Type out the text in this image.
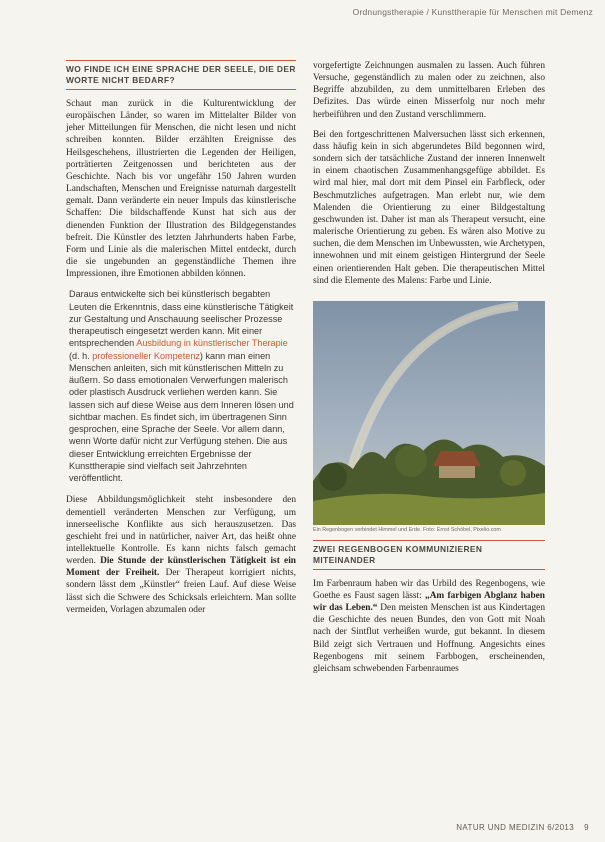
Ordnungstherapie / Kunsttherapie für Menschen mit Demenz
WO FINDE ICH EINE SPRACHE DER SEELE, DIE DER WORTE NICHT BEDARF?

Schaut man zurück in die Kulturentwicklung der europäischen Länder, so waren im Mittelalter Bilder von jeher Mitteilungen für Menschen, die nicht lesen und nicht schreiben konnten. Bilder erzählten Ereignisse des Heilsgeschehens, illustrierten die Legenden der Heiligen, porträtierten Zeitgenossen und berichteten aus der Geschichte. Nach bis vor ungefähr 150 Jahren wurden Landschaften, Menschen und Ereignisse naturnah dargestellt gemalt. Dann veränderte ein neuer Impuls das künstlerische Schaffen: Die bildschaffende Kunst hat sich aus der dienenden Funktion der Illustration des Bildgegenstandes befreit. Die Künstler des letzten Jahrhunderts haben Farbe, Form und Linie als die malerischen Mittel entdeckt, durch die sie ungebunden an gegenständliche Themen ihre Impressionen, ihre Emotionen abbilden können.

Daraus entwickelte sich bei künstlerisch begabten Leuten die Erkenntnis, dass eine künstlerische Tätigkeit zur Gestaltung und Anschauung seelischer Prozesse therapeutisch eingesetzt werden kann. Mit einer entsprechenden Ausbildung in künstlerischer Therapie (d. h. professioneller Kompetenz) kann man einen Menschen anleiten, sich mit künstlerischen Mitteln zu äußern. So dass emotionalen Verwerfungen malerisch oder plastisch Ausdruck verliehen werden kann. Sie lassen sich auf diese Weise aus dem Inneren lösen und sichtbar machen. Es findet sich, im übertragenen Sinn gesprochen, eine Sprache der Seele. Vor allem dann, wenn Worte dafür nicht zur Verfügung stehen. Die aus dieser Entwicklung erreichten Ergebnisse der Kunsttherapie sind vielfach seit Jahrzehnten veröffentlicht.

Diese Abbildungsmöglichkeit steht insbesondere den dementiell veränderten Menschen zur Verfügung, um innerseelische Konflikte aus sich herauszusetzen. Das geschieht frei und in natürlicher, naiver Art, das heißt ohne intellektuelle Kontrolle. Es kann nichts falsch gemacht werden. Die Stunde der künstlerischen Tätigkeit ist ein Moment der Freiheit. Der Therapeut korrigiert nichts, sondern lässt dem „Künstler“ freien Lauf. Auf diese Weise lässt sich die Schwere des Schicksals erleichtern. Man sollte vermeiden, Vorlagen abzumalen oder

vorgefertigte Zeichnungen ausmalen zu lassen. Auch führen Versuche, gegenständlich zu malen oder zu zeichnen, also Begriffe abzubilden, zu dem unmittelbaren Erleben des Defizites. Das würde einen Misserfolg nur noch mehr herbeiführen und den Zustand verschlimmern.

Bei den fortgeschrittenen Malversuchen lässt sich erkennen, dass häufig kein in sich abgerundetes Bild begonnen wird, sondern sich der tatsächliche Zustand der inneren Innenwelt in einem chaotischen Zusammenhangsgefüge abbildet. Es wird mal hier, mal dort mit dem Pinsel ein Farbfleck, oder Beschmutzliches aufgetragen. Man erlebt nur, wie dem Malenden die Orientierung zu einer Bildgestaltung geschwunden ist. Daher ist man als Therapeut versucht, eine malerische Orientierung zu geben. Es wären also Motive zu suchen, die dem Menschen im Unbewussten, wie Archetypen, innewohnen und mit einem geistigen Hintergrund der Seele einen orientierenden Halt geben. Die therapeutischen Mittel sind die Elemente des Malens: Farbe und Linie.

Ein Regenbogen verbindet Himmel und Erde. Foto: Ernst Schöbel, Pixelio.com
ZWEI REGENBOGEN KOMMUNIZIEREN MITEINANDER

Im Farbenraum haben wir das Urbild des Regenbogens, wie Goethe es Faust sagen lässt: „Am farbigen Abglanz haben wir das Leben.“ Den meisten Menschen ist aus Kindertagen die Geschichte des neuen Bundes, den von Gott mit Noah nach der Sintflut verheißen wurde, gut bekannt. In diesem Bild zeigt sich Vertrauen und Hoffnung. Angesichts eines Regenbogens mit seinem Farbbogen, erscheinenden, gleichsam schwebenden Farbenraumes

NATUR UND MEDIZIN 6/2013 9
